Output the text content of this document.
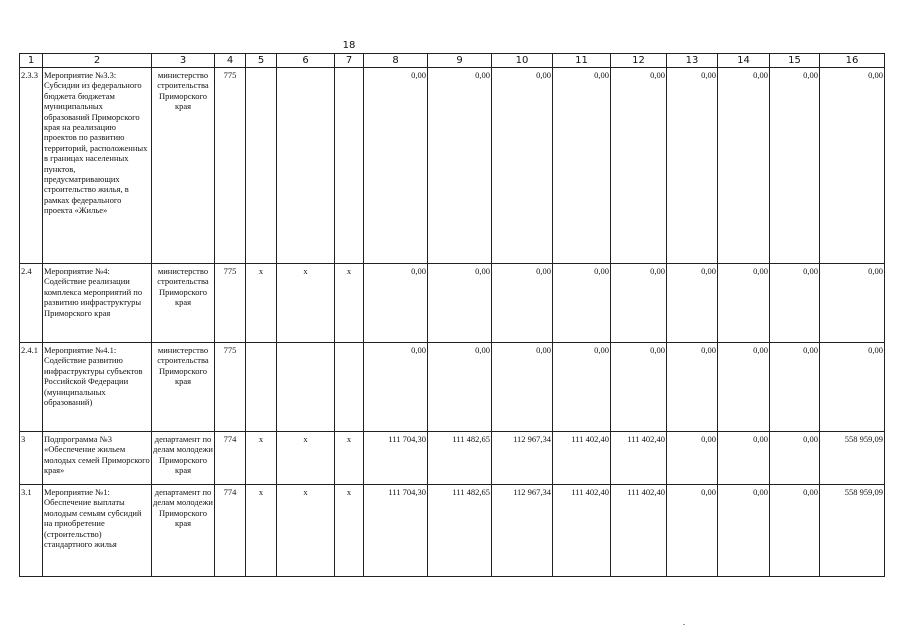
18
1	2	3	4	5	6	7	8	9	10	11	12	13	14	15	16
2.3.3	Мероприятие №3.3: Субсидии из федерального бюджета бюджетам муниципальных образований Приморского края на реализацию проектов по развитию территорий, расположенных в границах населенных пунктов, предусматривающих строительство жилья, в рамках федерального проекта «Жилье»	министерство строительства Приморского края	775				0,00	0,00	0,00	0,00	0,00	0,00	0,00	0,00	0,00
2.4	Мероприятие №4: Содействие реализации комплекса мероприятий по развитию инфраструктуры Приморского края	министерство строительства Приморского края	775	х	х	х	0,00	0,00	0,00	0,00	0,00	0,00	0,00	0,00	0,00
2.4.1	Мероприятие №4.1: Содействие развитию инфраструктуры субъектов Российской Федерации (муниципальных образований)	министерство строительства Приморского края	775				0,00	0,00	0,00	0,00	0,00	0,00	0,00	0,00	0,00
3	Подпрограмма №3 «Обеспечение жильем молодых семей Приморского края»	департамент по делам молодежи Приморского края	774	х	х	х	111 704,30	111 482,65	112 967,34	111 402,40	111 402,40	0,00	0,00	0,00	558 959,09
3.1	Мероприятие №1: Обеспечение выплаты молодым семьям субсидий на приобретение (строительство) стандартного жилья	департамент по делам молодежи Приморского края	774	х	х	х	111 704,30	111 482,65	112 967,34	111 402,40	111 402,40	0,00	0,00	0,00	558 959,09
